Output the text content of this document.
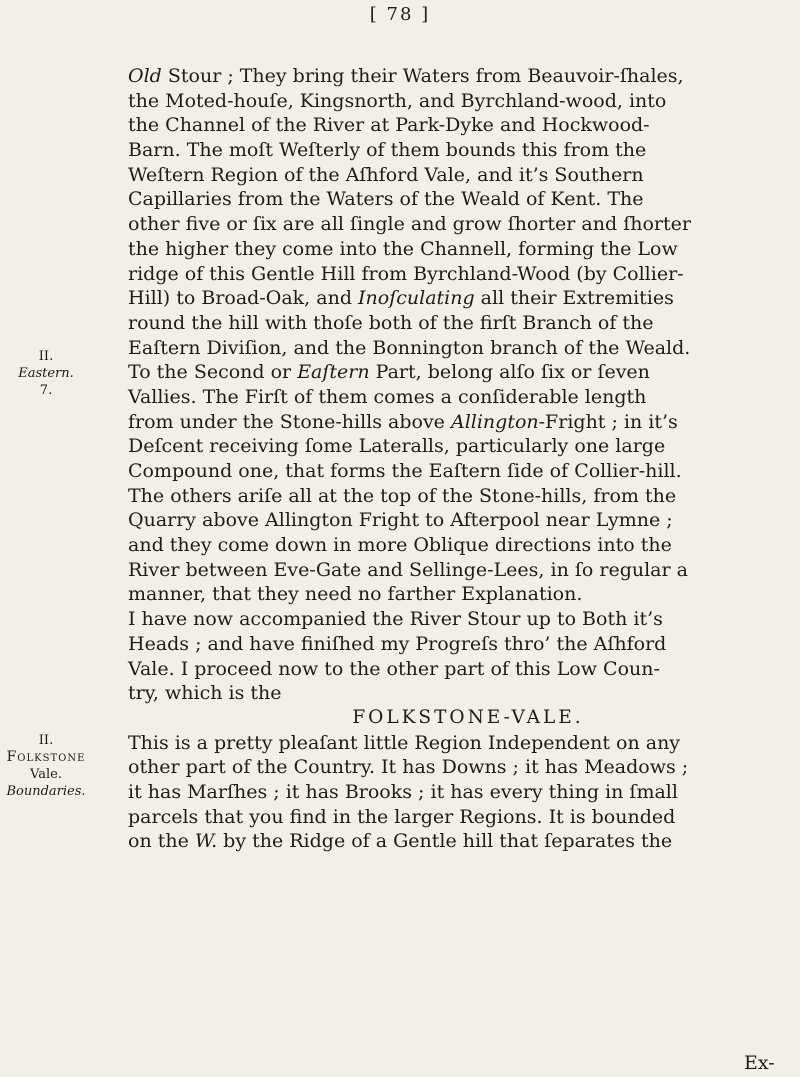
[ 78 ]
II.
Eastern.
7.
II.
Folkstone
Vale.
Boundaries.
Old Stour ; They bring their Waters from Beauvoir-ſhales,
the Moted-houſe, Kingsnorth, and Byrchland-wood, into
the Channel of the River at Park-Dyke and Hockwood-
Barn. The moſt Weſterly of them bounds this from the
Weſtern Region of the Aſhford Vale, and it’s Southern
Capillaries from the Waters of the Weald of Kent. The
other five or ſix are all ſingle and grow ſhorter and ſhorter
the higher they come into the Channell, forming the Low
ridge of this Gentle Hill from Byrchland-Wood (by Collier-
Hill) to Broad-Oak, and Inoſculating all their Extremities
round the hill with thoſe both of the firſt Branch of the
Eaſtern Diviſion, and the Bonnington branch of the Weald.
To the Second or Eaſtern Part, belong alſo ſix or ſeven
Vallies. The Firſt of them comes a conſiderable length
from under the Stone-hills above Allington-Fright ; in it’s
Deſcent receiving ſome Lateralls, particularly one large
Compound one, that forms the Eaſtern ſide of Collier-hill.
The others ariſe all at the top of the Stone-hills, from the
Quarry above Allington Fright to Afterpool near Lymne ;
and they come down in more Oblique directions into the
River between Eve-Gate and Sellinge-Lees, in ſo regular a
manner, that they need no farther Explanation.
I have now accompanied the River Stour up to Both it’s
Heads ; and have finiſhed my Progreſs thro’ the Aſhford
Vale. I proceed now to the other part of this Low Coun-
try, which is the
FOLKSTONE-VALE.
This is a pretty pleaſant little Region Independent on any
other part of the Country. It has Downs ; it has Meadows ;
it has Marſhes ; it has Brooks ; it has every thing in ſmall
parcels that you find in the larger Regions. It is bounded
on the W. by the Ridge of a Gentle hill that ſeparates the
Ex-
